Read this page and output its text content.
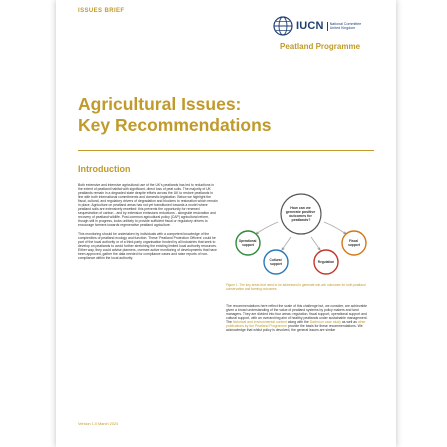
ISSUES BRIEF
IUCN	National Committee United Kingdom
Peatland Programme
Agricultural Issues:
Key Recommendations
Introduction

Both extensive and intensive agricultural use of the UK's peatlands has led to reductions in the extent of peatland habitat with significant, direct loss of peat soils. The majority of UK peatlands remain in a degraded state despite efforts across the UK to restore peatlands in line with both international commitments and domestic legislation. Below we highlight the fiscal, cultural, and regulatory drivers of degradation and blockers to restoration which remain in place. Agriculture on peatland areas has not yet transitioned towards a model where peatland soils are extensively rewetted: this prevents the opportunity for renewed sequestration of carbon - and by extension emissions reductions - alongside restoration and recovery of peatland wildlife. Post-common agricultural policy (CAP) agricultural reform, though still in progress, looks unlikely to provide sufficient fiscal or regulatory drivers to encourage farmers towards regenerative peatland agriculture.

This monitoring should be undertaken by individuals with a competent knowledge of the complexities of peatland ecology and function. These 'Peatland Protection Officers' could be part of the local authority or of a third-party organisation funded by all industries that seek to develop on peatlands to avoid further stretching the existing limited local authority resources. Either way, they could advise planners, oversee active monitoring of developments that have been approved, gather the data needed for compliance cases and raise reports of non-compliance within the local authority.

How can we generate positive outcomes for peatlands?
Operational support
Fiscal support
Cultural support	Regulation
Figure 1. The key areas that need to be addressed to generate win-win outcomes for both peatland conservation and farming outcomes.

The recommendations here reflect the scale of this challenge but, we consider, are achievable given a broad understanding of the value of peatland systems by policy makers and land managers. They are divided into four areas: regulation, fiscal support, operational support and cultural support, with an overarching aim of healthy peatlands under sustainable management. The historical and environmental context along with the Dartmoor case study as well as other publications by the Peatland Programme provide the basis for these recommendations. We acknowledge that whilst policy is devolved, the general issues are similar

Version 1.0 March 2024
